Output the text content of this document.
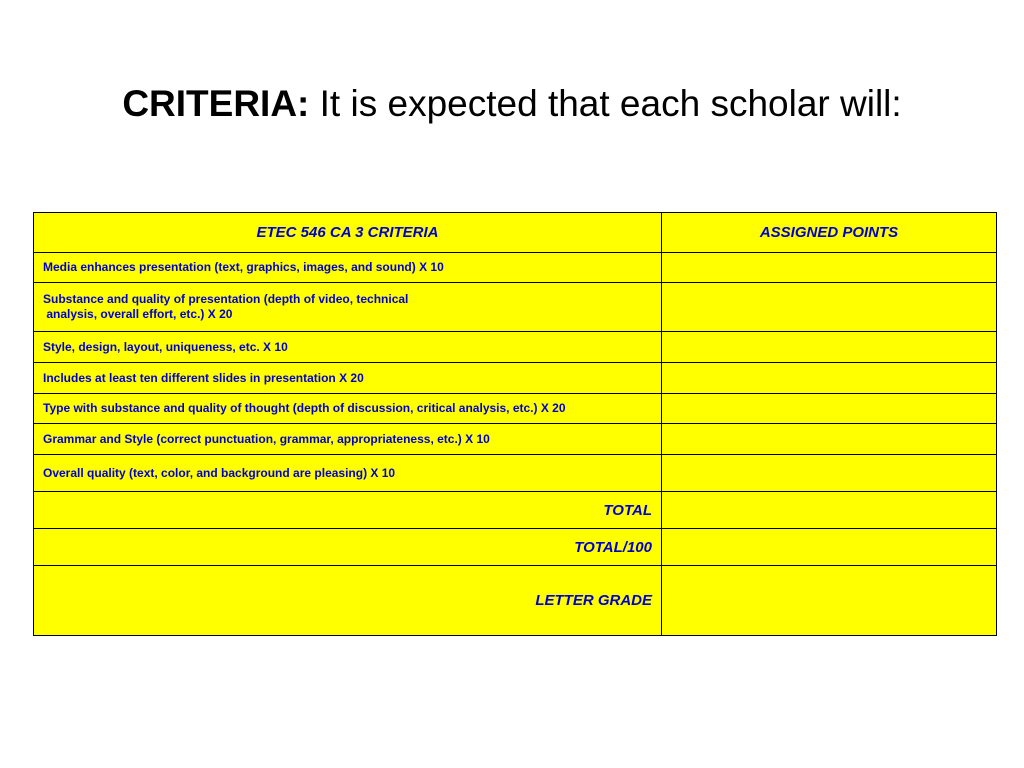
CRITERIA: It is expected that each scholar will:
ETEC 546 CA 3 CRITERIA	ASSIGNED POINTS

Media enhances presentation (text, graphics, images, and sound) X 10	

Substance and quality of presentation (depth of video, technical
analysis, overall effort, etc.) X 20	

Style, design, layout, uniqueness, etc. X 10	

Includes at least ten different slides in presentation X 20	

Type with substance and quality of thought (depth of discussion, critical analysis, etc.) X 20	

Grammar and Style (correct punctuation, grammar, appropriateness, etc.) X 10	

Overall quality (text, color, and background are pleasing) X 10	

TOTAL	
TOTAL/100	
LETTER GRADE	
